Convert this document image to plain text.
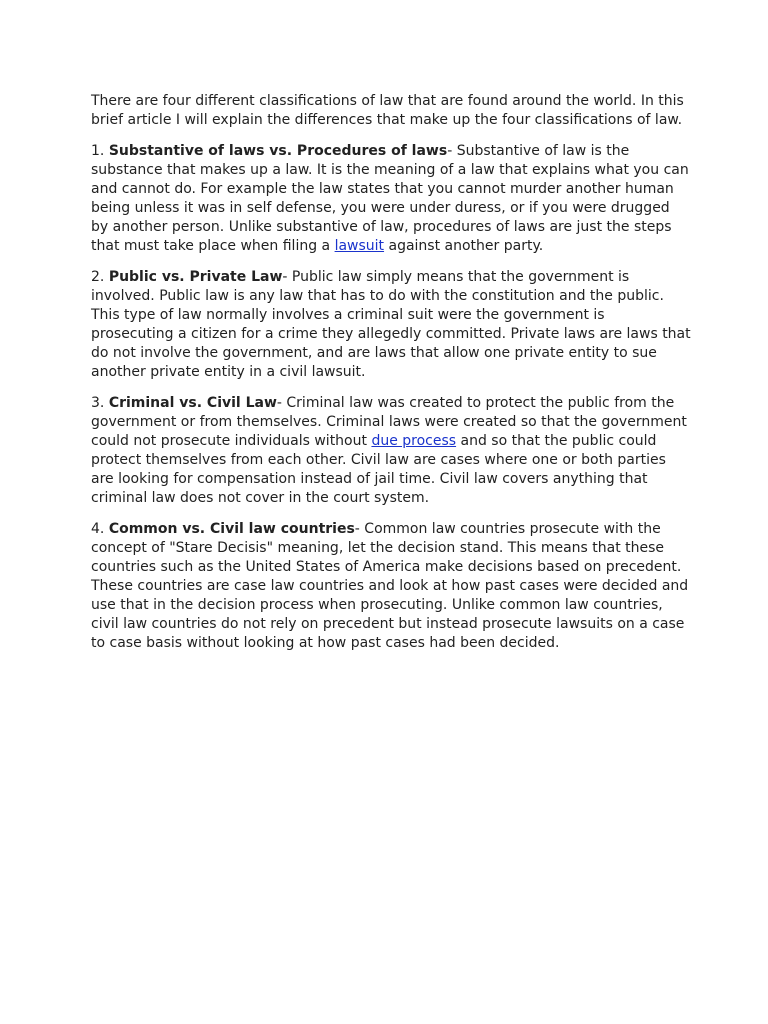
There are four different classifications of law that are found around the world. In this brief article I will explain the differences that make up the four classifications of law.

1. Substantive of laws vs. Procedures of laws- Substantive of law is the substance that makes up a law. It is the meaning of a law that explains what you can and cannot do. For example the law states that you cannot murder another human being unless it was in self defense, you were under duress, or if you were drugged by another person. Unlike substantive of law, procedures of laws are just the steps that must take place when filing a lawsuit against another party.

2. Public vs. Private Law- Public law simply means that the government is involved. Public law is any law that has to do with the constitution and the public. This type of law normally involves a criminal suit were the government is prosecuting a citizen for a crime they allegedly committed. Private laws are laws that do not involve the government, and are laws that allow one private entity to sue another private entity in a civil lawsuit.

3. Criminal vs. Civil Law- Criminal law was created to protect the public from the government or from themselves. Criminal laws were created so that the government could not prosecute individuals without due process and so that the public could protect themselves from each other. Civil law are cases where one or both parties are looking for compensation instead of jail time. Civil law covers anything that criminal law does not cover in the court system.

4. Common vs. Civil law countries- Common law countries prosecute with the concept of "Stare Decisis" meaning, let the decision stand. This means that these countries such as the United States of America make decisions based on precedent. These countries are case law countries and look at how past cases were decided and use that in the decision process when prosecuting. Unlike common law countries, civil law countries do not rely on precedent but instead prosecute lawsuits on a case to case basis without looking at how past cases had been decided.
